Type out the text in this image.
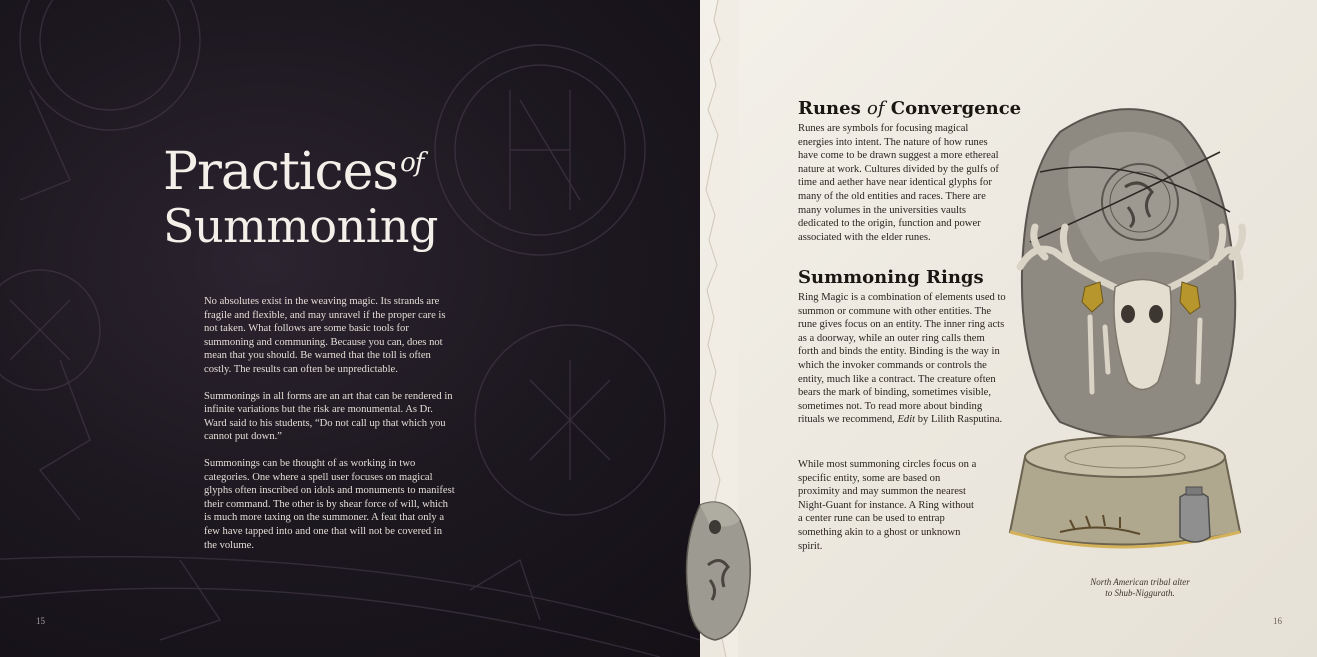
Practices$^{of}$
Summoning

No absolutes exist in the weaving magic. Its strands are fragile and flexible, and may unravel if the proper care is not taken. What follows are some basic tools for summoning and communing. Because you can, does not mean that you should. Be warned that the toll is often costly. The results can often be unpredictable.

Summonings in all forms are an art that can be rendered in infinite variations but the risk are monumental. As Dr. Ward said to his students, “Do not call up that which you cannot put down.”

Summonings can be thought of as working in two categories. One where a spell user focuses on magical glyphs often inscribed on idols and monuments to manifest their command. The other is by shear force of will, which is much more taxing on the summoner. A feat that only a few have tapped into and one that will not be covered in the volume.

Runes of Convergence

Runes are symbols for focusing magical energies into intent. The nature of how runes have come to be drawn suggest a more ethereal nature at work. Cultures divided by the gulfs of time and aether have near identical glyphs for many of the old entities and races. There are many volumes in the universities vaults dedicated to the origin, function and power associated with the elder runes.

Summoning Rings

Ring Magic is a combination of elements used to summon or commune with other entities. The rune gives focus on an entity. The inner ring acts as a doorway, while an outer ring calls them forth and binds the entity. Binding is the way in which the invoker commands or controls the entity, much like a contract. The creature often bears the mark of binding, sometimes visible, sometimes not. To read more about binding rituals we recommend, Edit by Lilith Rasputina.

While most summoning circles focus on a specific entity, some are based on proximity and may summon the nearest Night-Guant for instance. A Ring without a center rune can be used to entrap something akin to a ghost or unknown spirit.

North American tribal alter
to Shub-Niggurath.
15	16
